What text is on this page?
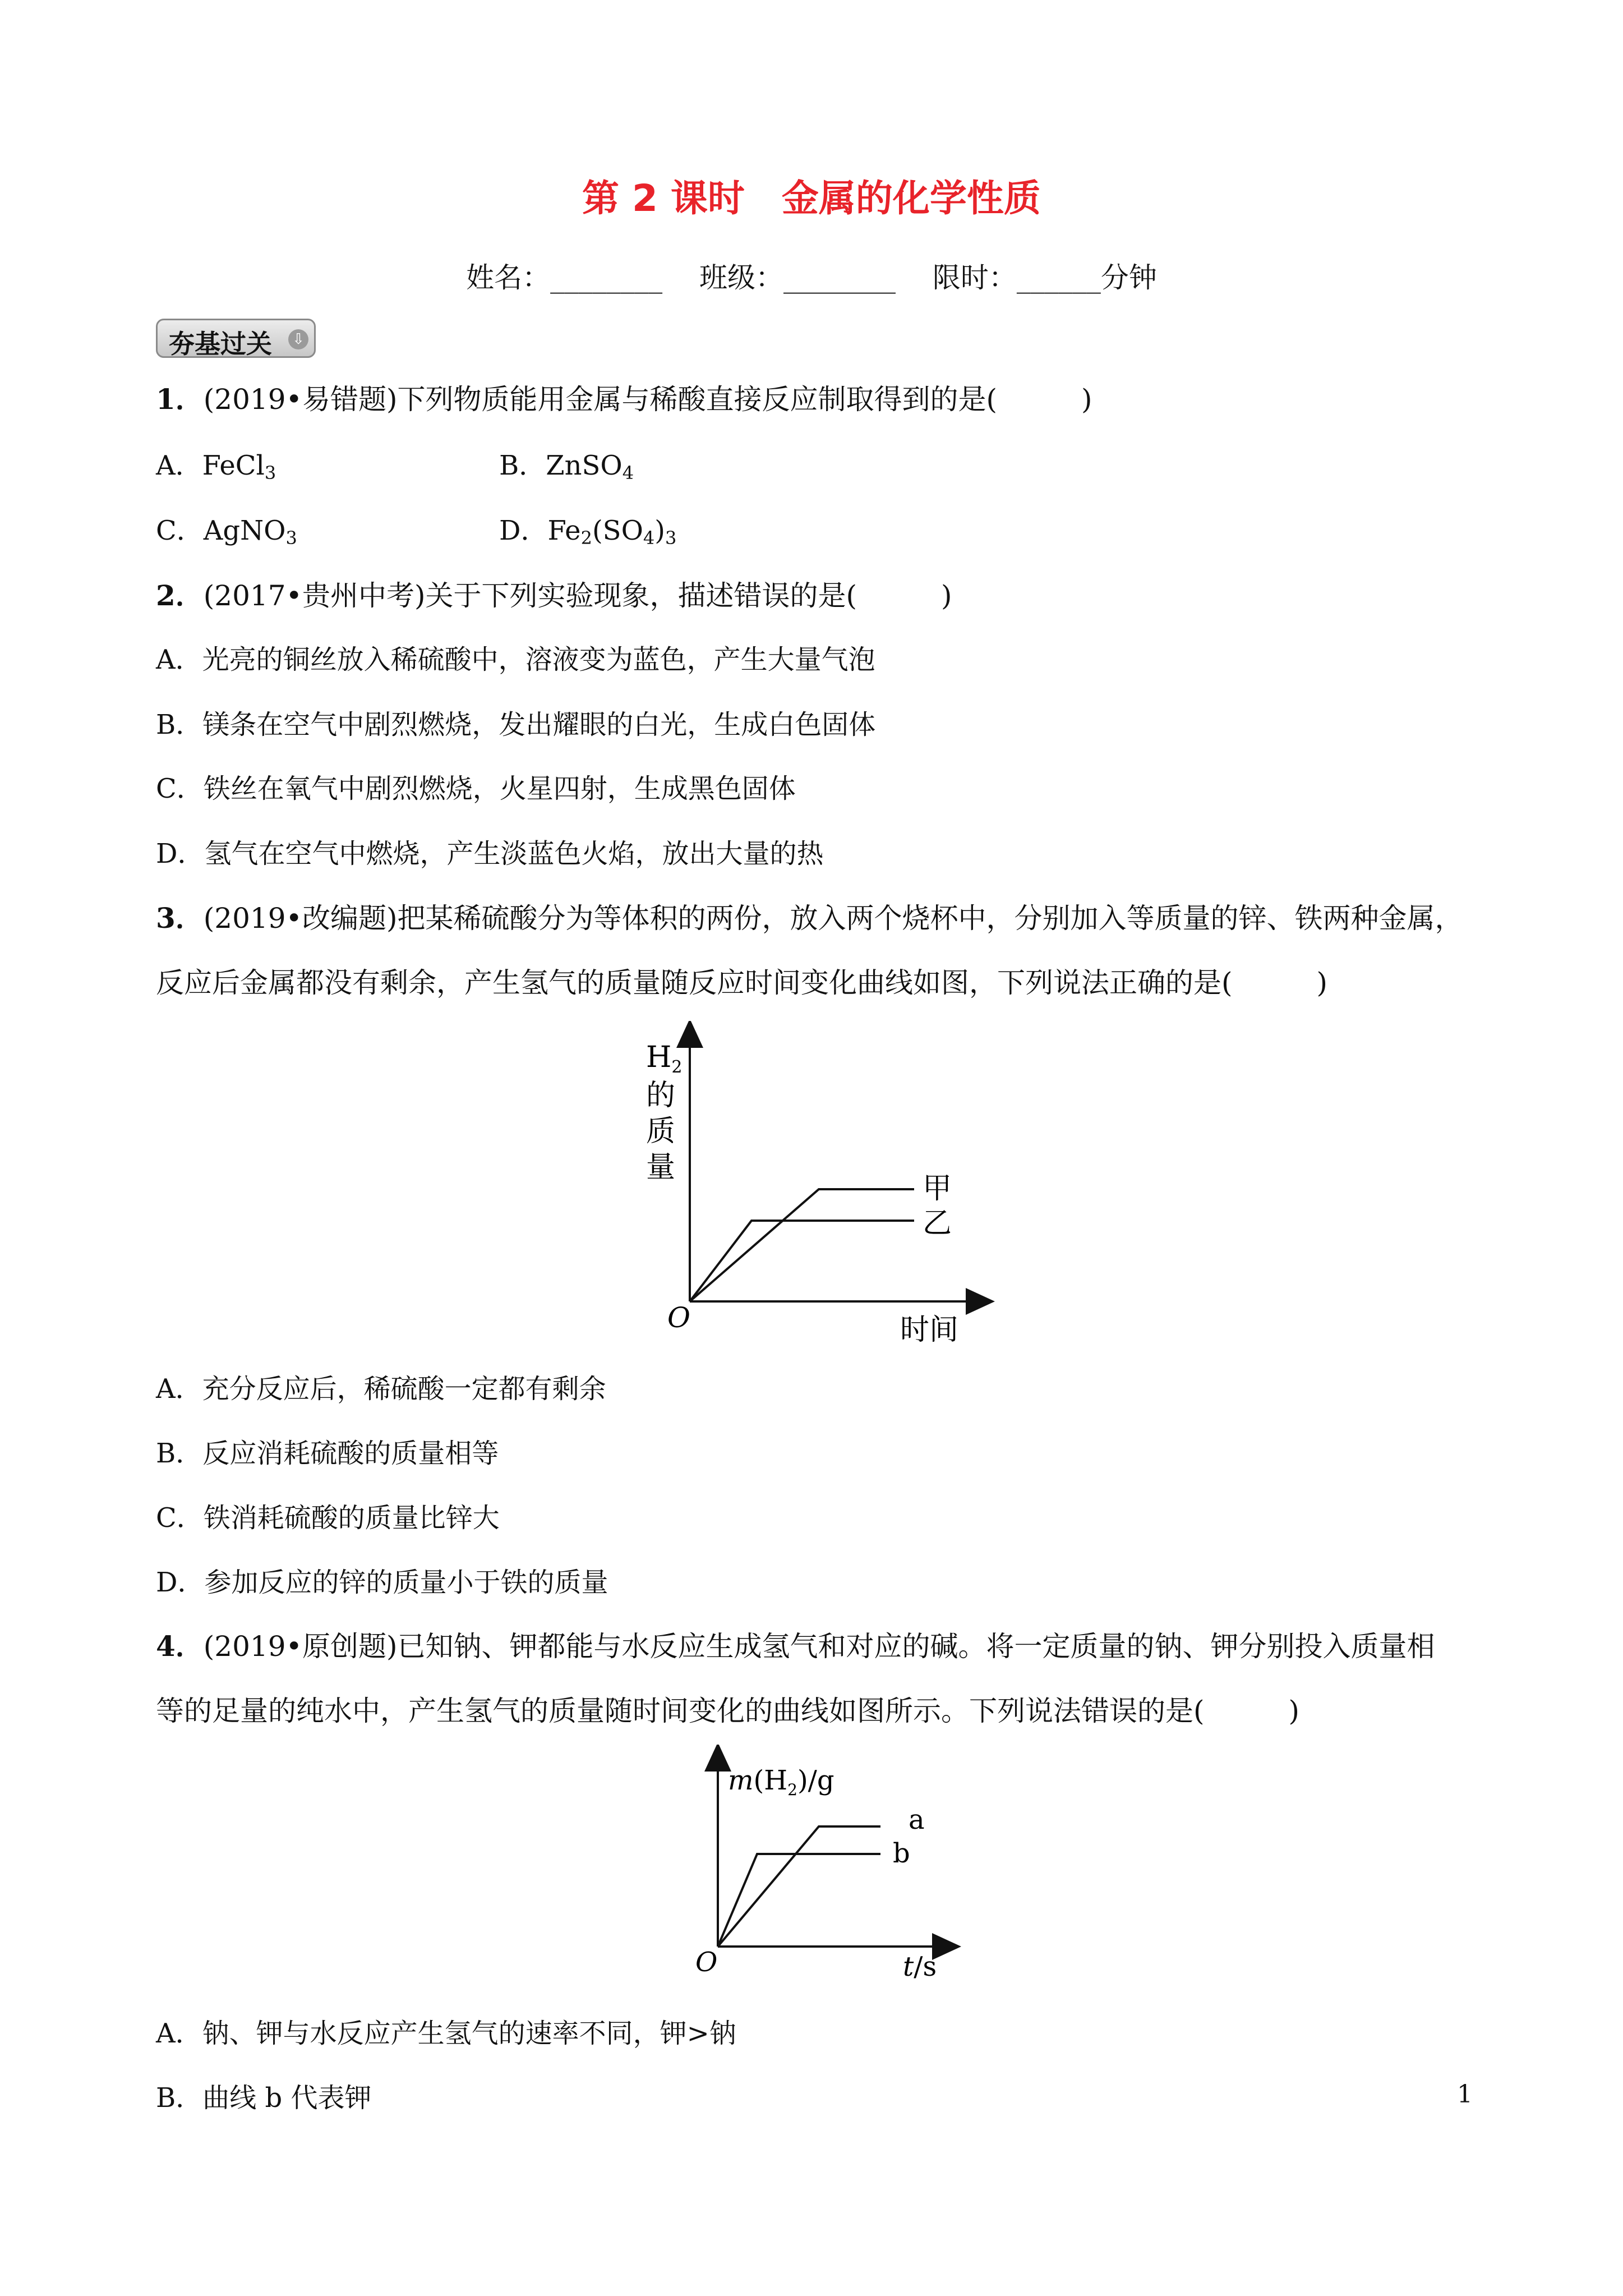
第 2 课时　金属的化学性质
姓名：________　 班级：________　 限时：______分钟
夯基过关 ⇩
1．(2019•易错题)下列物质能用金属与稀酸直接反应制取得到的是(　　　)
A．FeCl$_3$	B．ZnSO$_4$
C．AgNO$_3$	D．$Fe_2(SO_4)_3$
2．(2017•贵州中考)关于下列实验现象，描述错误的是(　　　)
A．光亮的铜丝放入稀硫酸中，溶液变为蓝色，产生大量气泡
B．镁条在空气中剧烈燃烧，发出耀眼的白光，生成白色固体
C．铁丝在氧气中剧烈燃烧，火星四射，生成黑色固体
D．氢气在空气中燃烧，产生淡蓝色火焰，放出大量的热
3．(2019•改编题)把某稀硫酸分为等体积的两份，放入两个烧杯中，分别加入等质量的锌、铁两种金属，
反应后金属都没有剩余，产生氢气的质量随反应时间变化曲线如图，下列说法正确的是(　　　)
H2
的
质
量
甲
乙
O	时间
A．充分反应后，稀硫酸一定都有剩余
B．反应消耗硫酸的质量相等
C．铁消耗硫酸的质量比锌大
D．参加反应的锌的质量小于铁的质量
4．(2019•原创题)已知钠、钾都能与水反应生成氢气和对应的碱。将一定质量的钠、钾分别投入质量相
等的足量的纯水中，产生氢气的质量随时间变化的曲线如图所示。下列说法错误的是(　　　)
$m(H_2)/g$
a
b
O	t/s
A．钠、钾与水反应产生氢气的速率不同，钾>钠
B．曲线 b 代表钾	1
